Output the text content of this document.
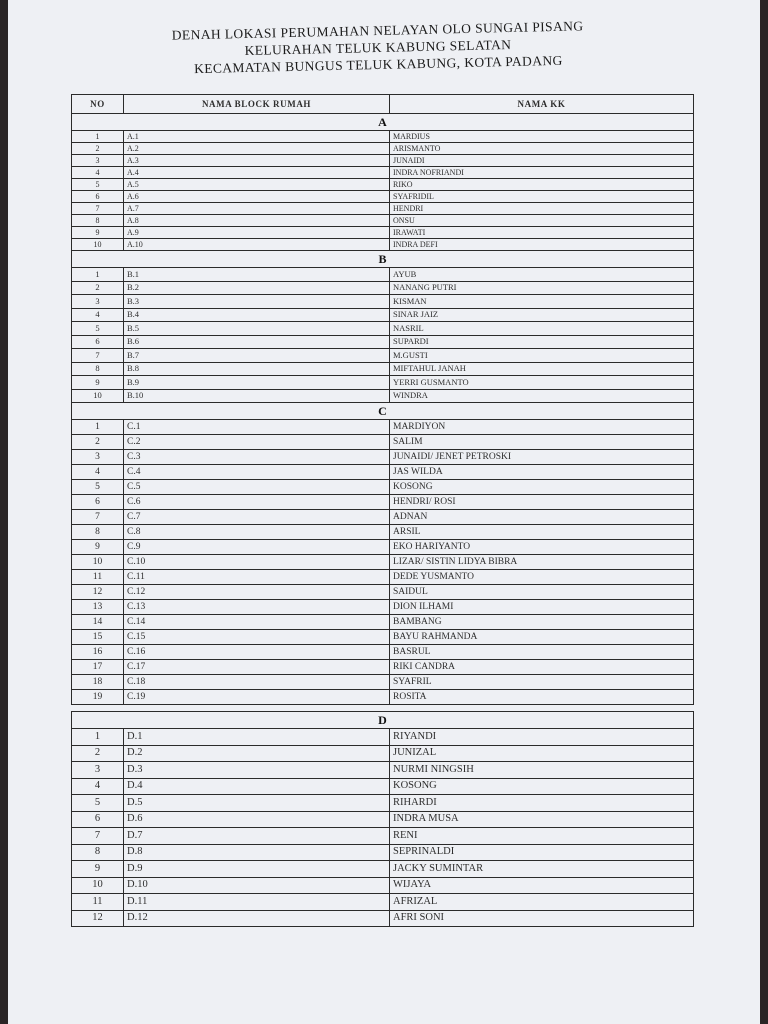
DENAH LOKASI PERUMAHAN NELAYAN OLO SUNGAI PISANG
KELURAHAN TELUK KABUNG SELATAN
KECAMATAN BUNGUS TELUK KABUNG, KOTA PADANG
NO	NAMA BLOCK RUMAH	NAMA KK
A		
1	A.1	MARDIUS
2	A.2	ARISMANTO
3	A.3	JUNAIDI
4	A.4	INDRA NOFRIANDI
5	A.5	RIKO
6	A.6	SYAFRIDIL
7	A.7	HENDRI
8	A.8	ONSU
9	A.9	IRAWATI
10	A.10	INDRA DEFI
B		
1	B.1	AYUB
2	B.2	NANANG PUTRI
3	B.3	KISMAN
4	B.4	SINAR JAIZ
5	B.5	NASRIL
6	B.6	SUPARDI
7	B.7	M.GUSTI
8	B.8	MIFTAHUL JANAH
9	B.9	YERRI GUSMANTO
10	B.10	WINDRA
C		
1	C.1	MARDIYON
2	C.2	SALIM
3	C.3	JUNAIDI/ JENET PETROSKI
4	C.4	JAS WILDA
5	C.5	KOSONG
6	C.6	HENDRI/ ROSI
7	C.7	ADNAN
8	C.8	ARSIL
9	C.9	EKO HARIYANTO
10	C.10	LIZAR/ SISTIN LIDYA BIBRA
11	C.11	DEDE YUSMANTO
12	C.12	SAIDUL
13	C.13	DION ILHAMI
14	C.14	BAMBANG
15	C.15	BAYU RAHMANDA
16	C.16	BASRUL
17	C.17	RIKI CANDRA
18	C.18	SYAFRIL
19	C.19	ROSITA

D		
1	D.1	RIYANDI
2	D.2	JUNIZAL
3	D.3	NURMI NINGSIH
4	D.4	KOSONG
5	D.5	RIHARDI
6	D.6	INDRA MUSA
7	D.7	RENI
8	D.8	SEPRINALDI
9	D.9	JACKY SUMINTAR
10	D.10	WIJAYA
11	D.11	AFRIZAL
12	D.12	AFRI SONI
